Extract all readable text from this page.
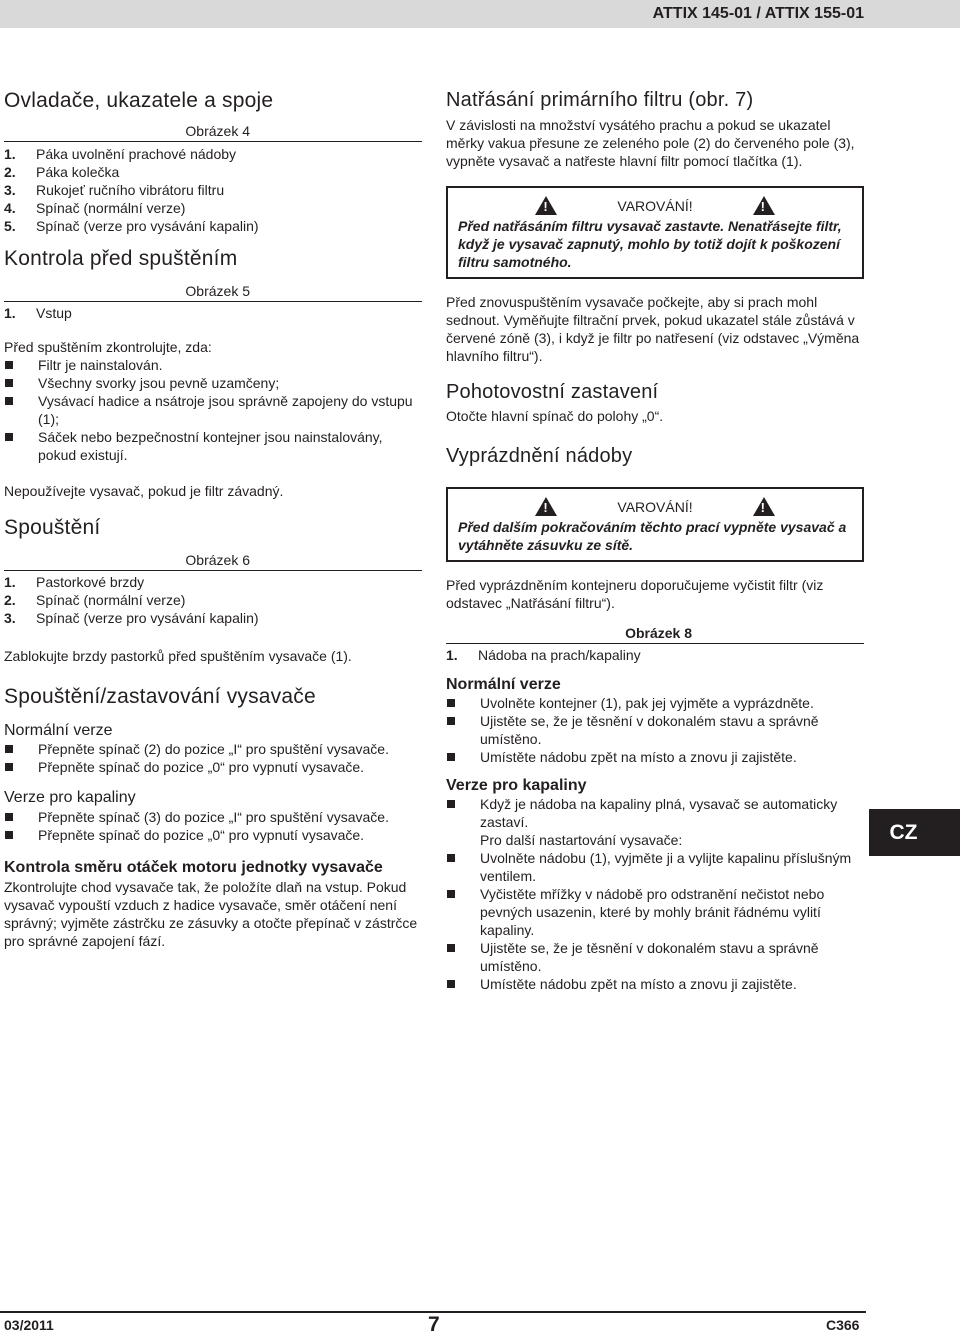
ATTIX 145-01 / ATTIX 155-01
Ovladače, ukazatele a spoje
Obrázek 4
1.	Páka uvolnění prachové nádoby
2.	Páka kolečka
3.	Rukojeť ručního vibrátoru filtru
4.	Spínač (normální verze)
5.	Spínač (verze pro vysávání kapalin)
Kontrola před spuštěním
Obrázek 5
1.	Vstup

Před spuštěním zkontrolujte, zda:

Filtr je nainstalován.
Všechny svorky jsou pevně uzamčeny;
Vysávací hadice a nsátroje jsou správně zapojeny do vstupu (1);
Sáček nebo bezpečnostní kontejner jsou nainstalovány, pokud existují.

Nepoužívejte vysavač, pokud je filtr závadný.

Spouštění
Obrázek 6
1.	Pastorkové brzdy
2.	Spínač (normální verze)
3.	Spínač (verze pro vysávání kapalin)

Zablokujte brzdy pastorků před spuštěním vysavače (1).

Spouštění/zastavování vysavače
Normální verze
Přepněte spínač (2) do pozice „I“ pro spuštění vysavače.
Přepněte spínač do pozice „0“ pro vypnutí vysavače.
Verze pro kapaliny
Přepněte spínač (3) do pozice „I“ pro spuštění vysavače.
Přepněte spínač do pozice „0“ pro vypnutí vysavače.
Kontrola směru otáček motoru jednotky vysavače

Zkontrolujte chod vysavače tak, že položíte dlaň na vstup. Pokud vysavač vypouští vzduch z hadice vysavače, směr otáčení není správný; vyjměte zástrčku ze zásuvky a otočte přepínač v zástrčce pro správné zapojení fází.

Natřásání primárního filtru (obr. 7)

V závislosti na množství vysátého prachu a pokud se ukazatel měrky vakua přesune ze zeleného pole (2) do červeného pole (3), vypněte vysavač a natřeste hlavní filtr pomocí tlačítka (1).

!	VAROVÁNÍ!	!

Před natřásáním filtru vysavač zastavte. Nenatřásejte filtr, když je vysavač zapnutý, mohlo by totiž dojít k poškození filtru samotného.

Před znovuspuštěním vysavače počkejte, aby si prach mohl sednout. Vyměňujte filtrační prvek, pokud ukazatel stále zůstává v červené zóně (3), i když je filtr po natřesení (viz odstavec „Výměna hlavního filtru“).

Pohotovostní zastavení

Otočte hlavní spínač do polohy „0“.

Vyprázdnění nádoby
!	VAROVÁNÍ!	!

Před dalším pokračováním těchto prací vypněte vysavač a vytáhněte zásuvku ze sítě.

Před vyprázdněním kontejneru doporučujeme vyčistit filtr (viz odstavec „Natřásání filtru“).

Obrázek 8
1.	Nádoba na prach/kapaliny
Normální verze
Uvolněte kontejner (1), pak jej vyjměte a vyprázdněte.
Ujistěte se, že je těsnění v dokonalém stavu a správně umístěno.
Umístěte nádobu zpět na místo a znovu ji zajistěte.
Verze pro kapaliny
Když je nádoba na kapaliny plná, vysavač se automaticky zastaví.
Pro další nastartování vysavače:
Uvolněte nádobu (1), vyjměte ji a vylijte kapalinu příslušným ventilem.
Vyčistěte mřížky v nádobě pro odstranění nečistot nebo pevných usazenin, které by mohly bránit řádnému vylití kapaliny.
Ujistěte se, že je těsnění v dokonalém stavu a správně umístěno.
Umístěte nádobu zpět na místo a znovu ji zajistěte.
CZ
03/2011	7	C366
